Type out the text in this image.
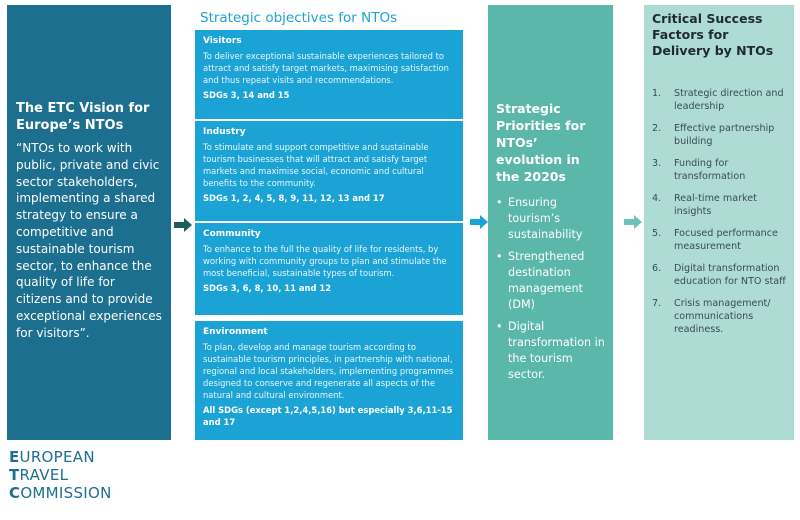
The ETC Vision for Europe’s NTOs

“NTOs to work with public, private and civic sector stakeholders, implementing a shared strategy to ensure a competitive and sustainable tourism sector, to enhance the quality of life for citizens and to provide exceptional experiences for visitors”.

Strategic objectives for NTOs
Visitors

To deliver exceptional sustainable experiences tailored to attract and satisfy target markets, maximising satisfaction and thus repeat visits and recommendations.

SDGs 3, 14 and 15
Industry

To stimulate and support competitive and sustainable tourism businesses that will attract and satisfy target markets and maximise social, economic and cultural benefits to the community.

SDGs 1, 2, 4, 5, 8, 9, 11, 12, 13 and 17
Community

To enhance to the full the quality of life for residents, by working with community groups to plan and stimulate the most beneficial, sustainable types of tourism.

SDGs 3, 6, 8, 10, 11 and 12
Environment

To plan, develop and manage tourism according to sustainable tourism principles, in partnership with national, regional and local stakeholders, implementing programmes designed to conserve and regenerate all aspects of the natural and cultural environment.

All SDGs (except 1,2,4,5,16) but especially 3,6,11-15 and 17
Strategic Priorities for NTOs’ evolution in the 2020s
• Ensuring tourism’s sustainability
• Strengthened destination management (DM)
• Digital transformation in the tourism sector.
Critical Success Factors for Delivery by NTOs
1. Strategic direction and leadership
2. Effective partnership building
3. Funding for transformation
4. Real-time market insights
5. Focused performance measurement
6. Digital transformation education for NTO staff
7. Crisis management/ communications readiness.
EUROPEAN
TRAVEL
COMMISSION
